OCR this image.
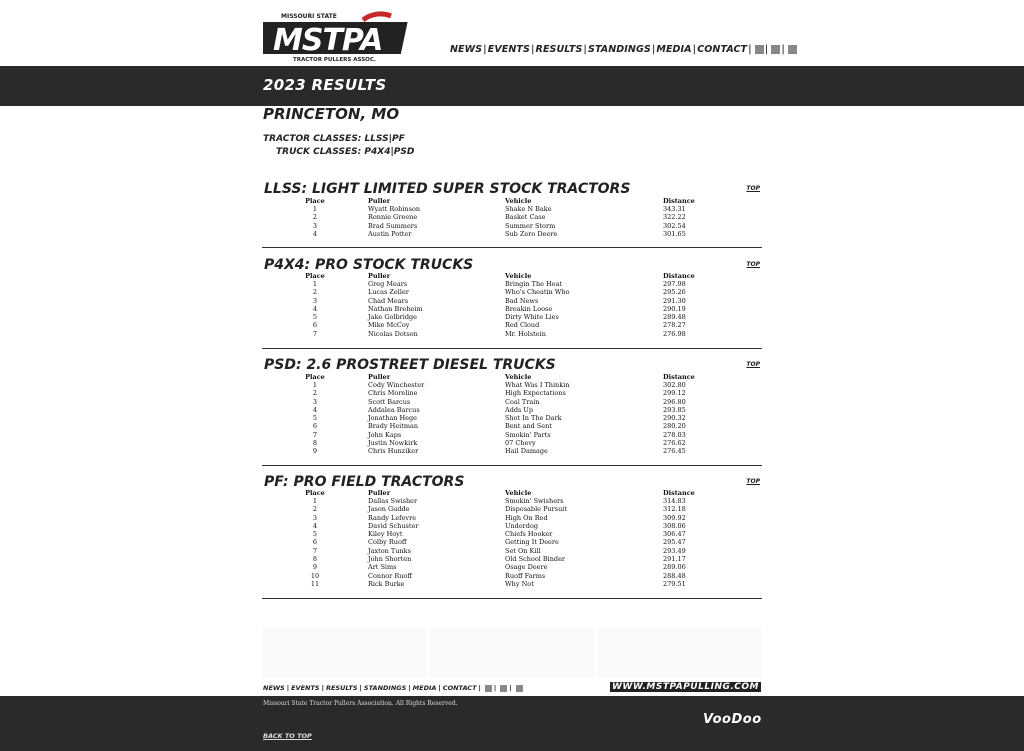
MISSOURI STATE
MSTPA
TRACTOR PULLERS ASSOC.
NEWS | EVENTS | RESULTS | STANDINGS | MEDIA | CONTACT | | |
2023 RESULTS
PRINCETON, MO
TRACTOR CLASSES: LLSS|PF
TRUCK CLASSES: P4X4|PSD
LLSS: LIGHT LIMITED SUPER STOCK TRACTORS	TOP
Place	Puller	Vehicle	Distance
1	Wyatt Robinson	Shake N Bake	343.31
2	Ronnie Greene	Basket Case	322.22
3	Brad Summers	Summer Storm	302.54
4	Austin Potter	Sub Zero Deere	301.65
P4X4: PRO STOCK TRUCKS	TOP
Place	Puller	Vehicle	Distance
1	Greg Mears	Bringin The Heat	297.98
2	Lucas Zeller	Who's Cheatin Who	295.26
3	Chad Mears	Bad News	291.30
4	Nathan Breheim	Breakin Loose	290.19
5	Jake Golbridge	Dirty White Lies	289.48
6	Mike McCoy	Red Cloud	278.27
7	Nicolas Dotson	Mr. Holstein	276.98
PSD: 2.6 PROSTREET DIESEL TRUCKS	TOP
Place	Puller	Vehicle	Distance
1	Cody Winchester	What Was I Thinkin	302.80
2	Chris Moreline	High Expectations	299.12
3	Scott Barcus	Coal Train	296.80
4	Addalea Barcus	Adds Up	293.85
5	Jonathan Hege	Shot In The Dark	290.32
6	Brady Heitman	Bent and Sent	280.20
7	John Kaps	Smokin' Parts	278.03
8	Justin Nowkirk	07 Chevy	276.62
9	Chris Hunziker	Hail Damage	276.45
PF: PRO FIELD TRACTORS	TOP
Place	Puller	Vehicle	Distance
1	Dallas Swisher	Smokin' Swishers	314.83
2	Jason Gudde	Disposable Pursuit	312.18
3	Randy Lefevre	High On Red	309.92
4	David Schuster	Underdog	308.06
5	Kiley Hoyt	Chiefs Hooker	306.47
6	Colby Ruoff	Getting It Deere	295.47
7	Jaxton Tunks	Set On Kill	293.49
8	John Shorten	Old School Binder	291.17
9	Art Sims	Osage Deere	289.06
10	Connor Ruoff	Ruoff Farms	288.48
11	Rick Burke	Why Not	279.51
NEWS | EVENTS | RESULTS | STANDINGS | MEDIA | CONTACT | | |	WWW.MSTPAPULLING.COM
Missouri State Tractor Pullers Association. All Rights Reserved.
VooDoo
BACK TO TOP
